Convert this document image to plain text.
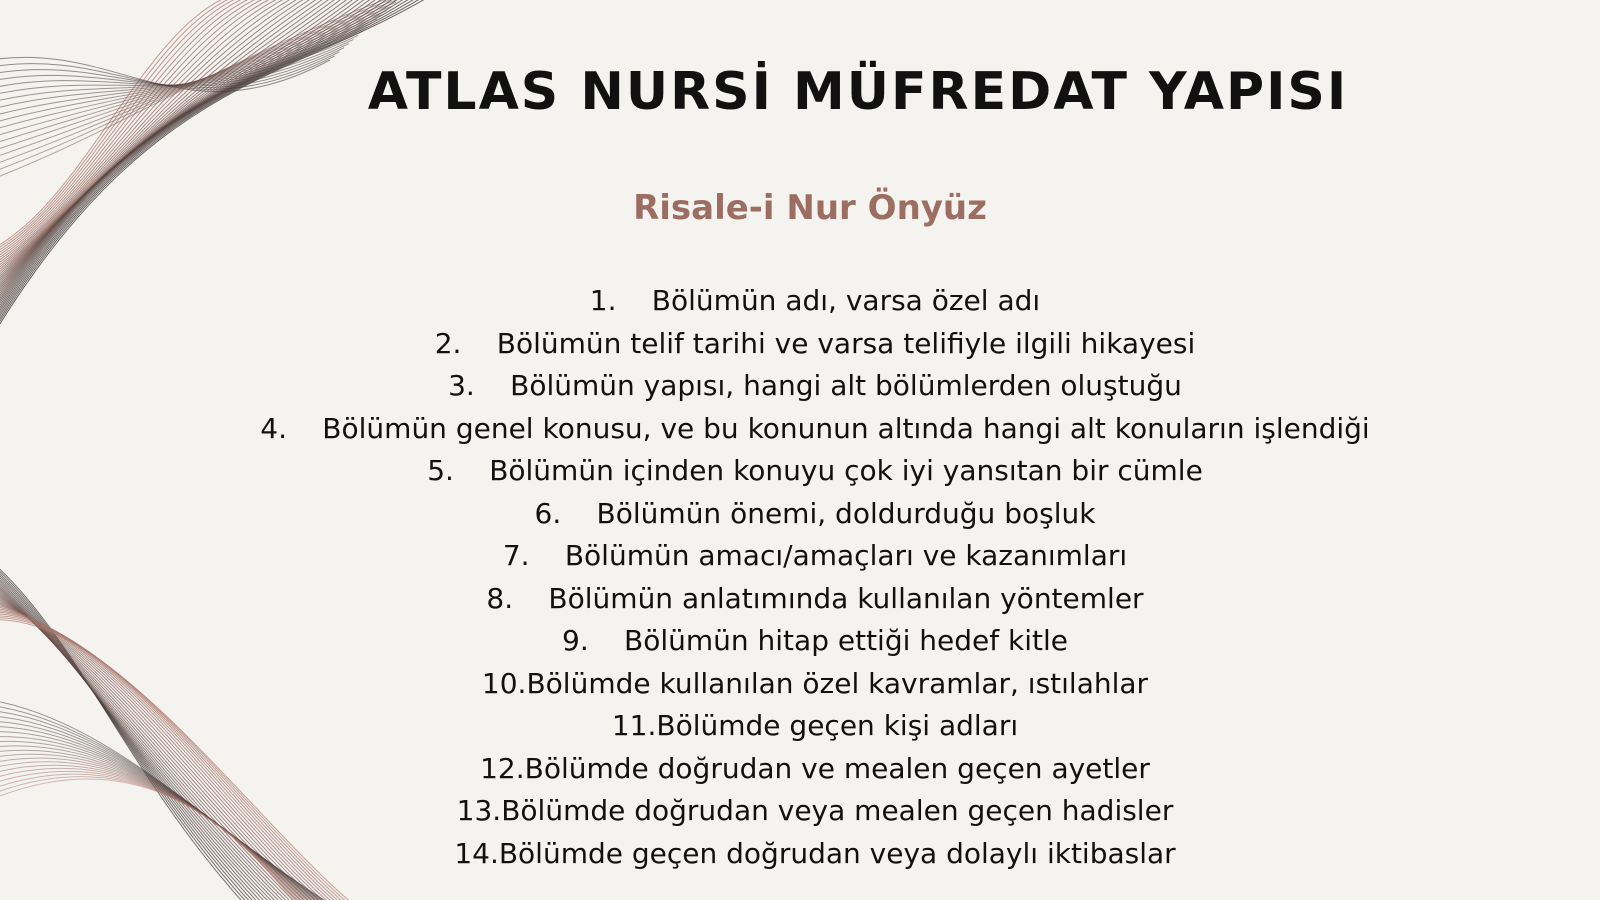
ATLAS NURSİ MÜFREDAT YAPISI
Risale-i Nur Önyüz
1. Bölümün adı, varsa özel adı
2. Bölümün telif tarihi ve varsa telifiyle ilgili hikayesi
3. Bölümün yapısı, hangi alt bölümlerden oluştuğu
4. Bölümün genel konusu, ve bu konunun altında hangi alt konuların işlendiği
5. Bölümün içinden konuyu çok iyi yansıtan bir cümle
6. Bölümün önemi, doldurduğu boşluk
7. Bölümün amacı/amaçları ve kazanımları
8. Bölümün anlatımında kullanılan yöntemler
9. Bölümün hitap ettiği hedef kitle
10.Bölümde kullanılan özel kavramlar, ıstılahlar
11.Bölümde geçen kişi adları
12.Bölümde doğrudan ve mealen geçen ayetler
13.Bölümde doğrudan veya mealen geçen hadisler
14.Bölümde geçen doğrudan veya dolaylı iktibaslar
